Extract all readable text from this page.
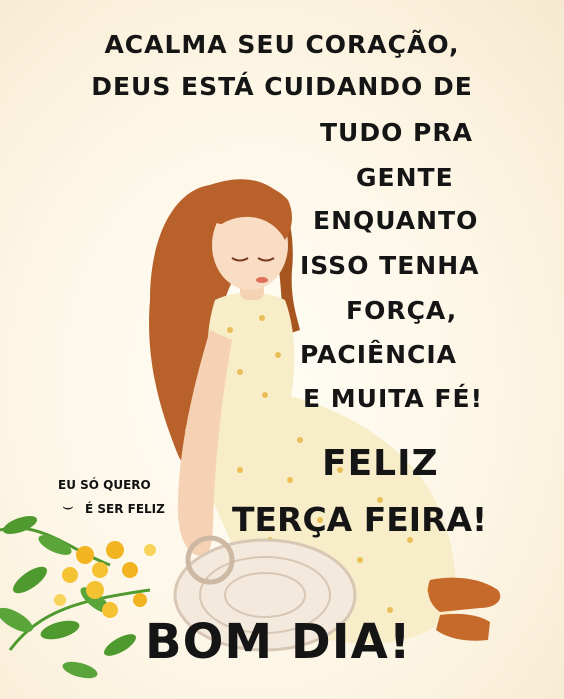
ACALMA SEU CORAÇÃO,

DEUS ESTÁ CUIDANDO DE

TUDO PRA

GENTE

ENQUANTO

ISSO TENHA

FORÇA,

PACIÊNCIA

E MUITA FÉ!

FELIZ

TERÇA FEIRA!

BOM DIA!

EU SÓ QUERO
⌣ É SER FELIZ
